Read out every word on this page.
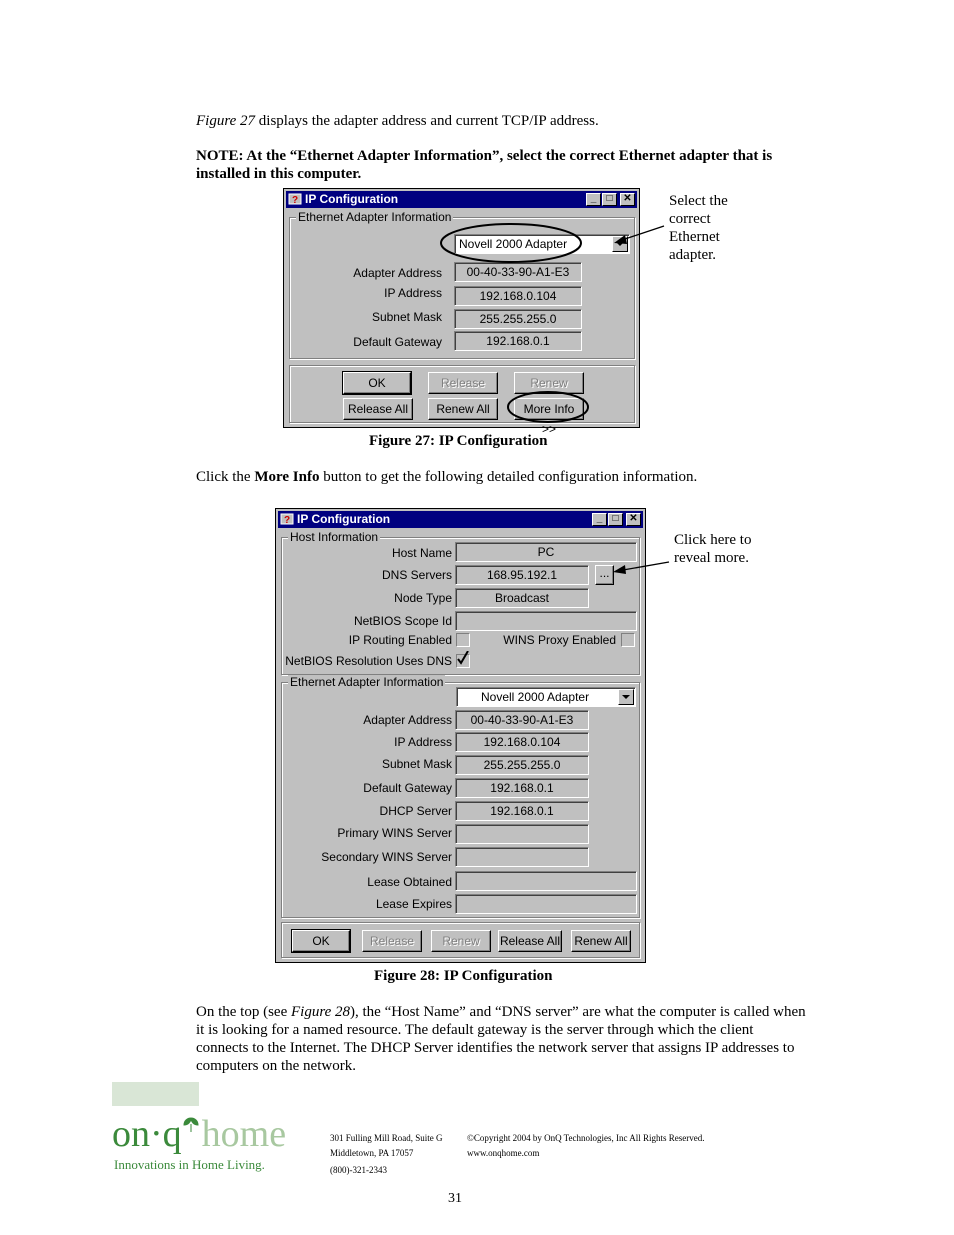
Figure 27 displays the adapter address and current TCP/IP address.
NOTE: At the “Ethernet Adapter Information”, select the correct Ethernet adapter that is installed in this computer.
? IP Configuration	_	□	✕
Ethernet Adapter Information
Novell 2000 Adapter
Adapter Address	00-40-33-90-A1-E3
IP Address	192.168.0.104
Subnet Mask	255.255.255.0
Default Gateway	192.168.0.1
OK	Release	Renew
Release All	Renew All	More Info >>
Select the correct Ethernet adapter.
Figure 27: IP Configuration
Click the More Info button to get the following detailed configuration information.
? IP Configuration	_	□	✕
Host Information
Host Name	PC
DNS Servers	168.95.192.1	...
Node Type	Broadcast
NetBIOS Scope Id
IP Routing Enabled	WINS Proxy Enabled
NetBIOS Resolution Uses DNS
Ethernet Adapter Information
Novell 2000 Adapter
Adapter Address	00-40-33-90-A1-E3
IP Address	192.168.0.104
Subnet Mask	255.255.255.0
Default Gateway	192.168.0.1
DHCP Server	192.168.0.1
Primary WINS Server
Secondary WINS Server
Lease Obtained
Lease Expires
OK	Release	Renew	Release All Renew All
Click here to reveal more.
Figure 28: IP Configuration
On the top (see Figure 28), the “Host Name” and “DNS server” are what the computer is called when it is looking for a named resource. The default gateway is the server through which the client connects to the Internet. The DHCP Server identifies the network server that assigns IP addresses to computers on the network.
on·q home
Innovations in Home Living.
301 Fulling Mill Road, Suite G
Middletown, PA 17057
(800)-321-2343
©Copyright 2004 by OnQ Technologies, Inc All Rights Reserved.
www.onqhome.com
31
